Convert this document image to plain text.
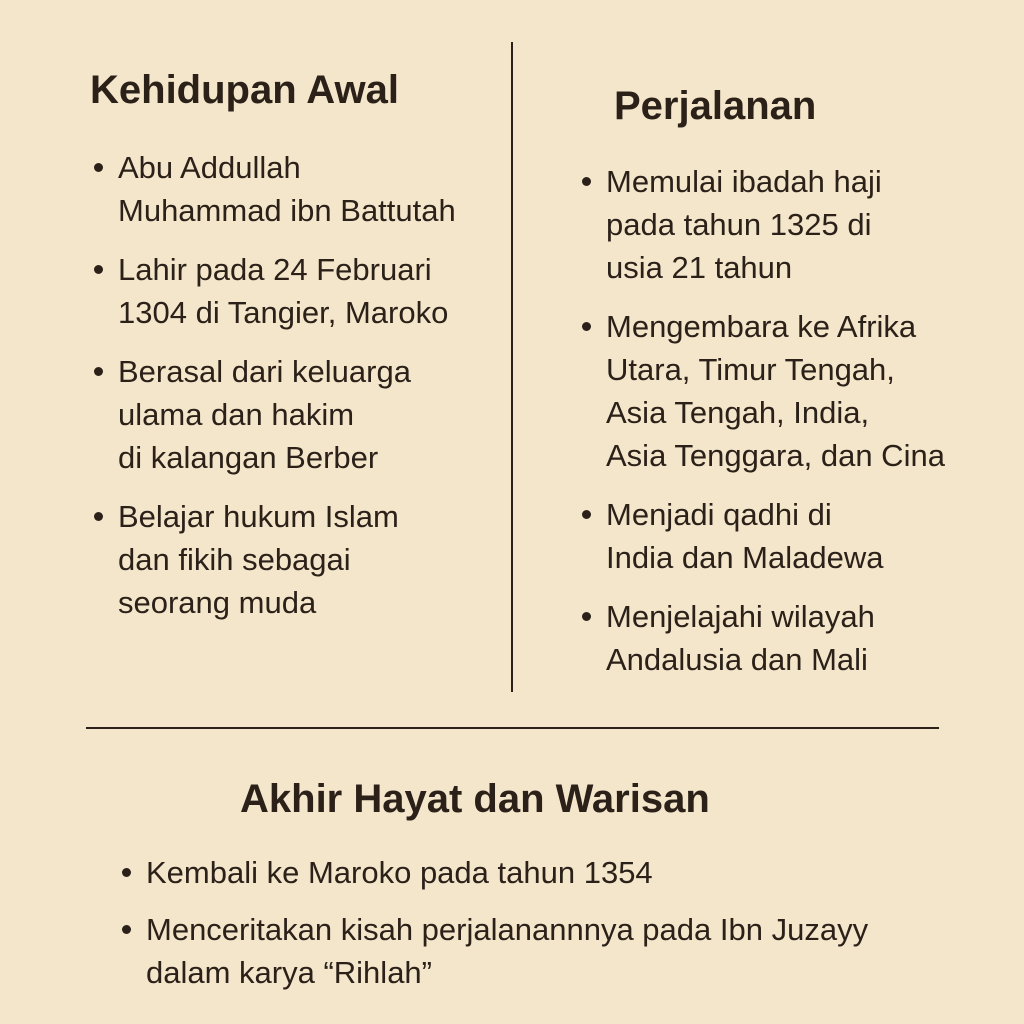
Kehidupan Awal
Abu Addullah
Muhammad ibn Battutah
Lahir pada 24 Februari
1304 di Tangier, Maroko
Berasal dari keluarga
ulama dan hakim
di kalangan Berber
Belajar hukum Islam
dan fikih sebagai
seorang muda
Perjalanan
Memulai ibadah haji
pada tahun 1325 di
usia 21 tahun
Mengembara ke Afrika
Utara, Timur Tengah,
Asia Tengah, India,
Asia Tenggara, dan Cina
Menjadi qadhi di
India dan Maladewa
Menjelajahi wilayah
Andalusia dan Mali
Akhir Hayat dan Warisan
Kembali ke Maroko pada tahun 1354
Menceritakan kisah perjalanannnya pada Ibn Juzayy
dalam karya “Rihlah”
